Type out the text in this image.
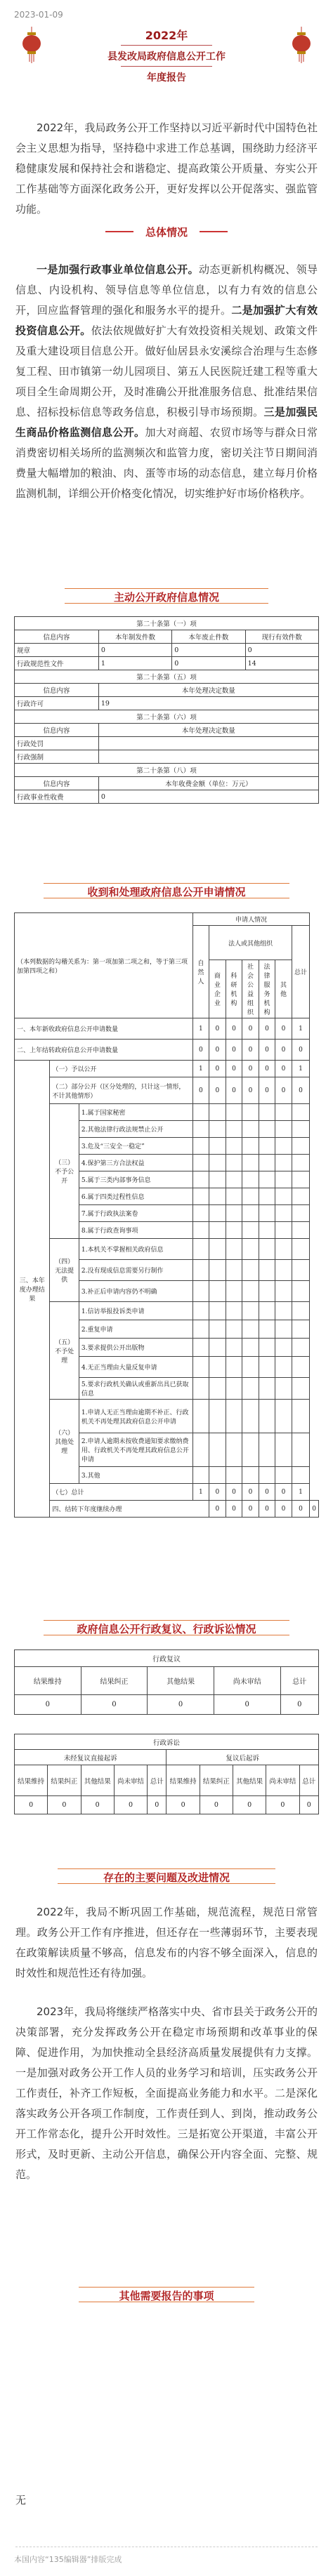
2023-01-09
2022年
县发改局政府信息公开工作
年度报告
2022年，我局政务公开工作坚持以习近平新时代中国特色社会主义思想为指导，坚持稳中求进工作总基调，围绕助力经济平稳健康发展和保持社会和谐稳定、提高政策公开质量、夯实公开工作基础等方面深化政务公开，更好发挥以公开促落实、强监管功能。
总体情况
一是加强行政事业单位信息公开。动态更新机构概况、领导信息、内设机构、领导信息等单位信息，以有力有效的信息公开，回应监督管理的强化和服务水平的提升。二是加强扩大有效投资信息公开。依法依规做好扩大有效投资相关规划、政策文件及重大建设项目信息公开。做好仙居县永安溪综合治理与生态修复工程、田市镇第一幼儿园项目、第五人民医院迁建工程等重大项目全生命周期公开，及时准确公开批准服务信息、批准结果信息、招标投标信息等政务信息，积极引导市场预期。三是加强民生商品价格监测信息公开。加大对商超、农贸市场等与群众日常消费密切相关场所的监测频次和监管力度，密切关注节日期间消费量大幅增加的粮油、肉、蛋等市场的动态信息，建立每月价格监测机制，详细公开价格变化情况，切实维护好市场价格秩序。
主动公开政府信息情况
第二十条第（一）项			
信息内容	本年制发件数	本年废止件数	现行有效件数
规章	0	0	0
行政规范性文件	1	0	14
第二十条第（五）项			
信息内容	本年处理决定数量		
行政许可	19		
第二十条第（六）项			
信息内容	本年处理决定数量		
行政处罚			
行政强制			
第二十条第（八）项			
信息内容	本年收费金额（单位：万元）		
行政事业性收费	0		
收到和处理政府信息公开申请情况
（本列数据的勾稽关系为：第一项加第二项之和，等于第三项加第四项之和）			申请人情况							
			自然人	法人或其他组织					总计	
				商业企业	科研机构	社会公益组织	法律服务机构	其他		
一、本年新收政府信息公开申请数量			1	0	0	0	0	0	1	
二、上年结转政府信息公开申请数量			0	0	0	0	0	0	0	
三、本年度办理结果	（一）予以公开		1	0	0	0	0	0	1	
	（二）部分公开（区分处理的，只计这一情形，不计其他情形）		0	0	0	0	0	0	0	
	（三）不予公开	1.属于国家秘密								
		2.其他法律行政法规禁止公开								
		3.危及“三安全一稳定”								
		4.保护第三方合法权益								
		5.属于三类内部事务信息								
		6.属于四类过程性信息								
		7.属于行政执法案卷								
		8.属于行政查询事项								
	（四）无法提供	1.本机关不掌握相关政府信息								
		2.没有现成信息需要另行制作								
		3.补正后申请内容仍不明确								
	（五）不予处理	1.信访举报投诉类申请								
		2.重复申请								
		3.要求提供公开出版物								
		4.无正当理由大量反复申请								
		5.要求行政机关确认或重新出具已获取信息								
	（六）其他处理	1.申请人无正当理由逾期不补正、行政机关不再处理其政府信息公开申请								
		2.申请人逾期未按收费通知要求缴纳费用、行政机关不再处理其政府信息公开申请								
		3.其他								
	（七）总计		1	0	0	0	0	0	1	
	四、结转下年度继续办理			0	0	0	0	0	0	0
政府信息公开行政复议、行政诉讼情况
行政复议				
结果维持	结果纠正	其他结果	尚未审结	总计
0	0	0	0	0
行政诉讼									
未经复议直接起诉					复议后起诉				
结果维持	结果纠正	其他结果	尚未审结	总计	结果维持	结果纠正	其他结果	尚未审结	总计
0	0	0	0	0	0	0	0	0	0
存在的主要问题及改进情况
2022年，我局不断巩固工作基础，规范流程，规范日常管理。政务公开工作有序推进，但还存在一些薄弱环节，主要表现在政策解读质量不够高，信息发布的内容不够全面深入，信息的时效性和规范性还有待加强。
2023年，我局将继续严格落实中央、省市县关于政务公开的决策部署，充分发挥政务公开在稳定市场预期和改革事业的保障、促进作用，为加快推动全县经济高质量发展提供有力支撑。一是加强对政务公开工作人员的业务学习和培训，压实政务公开工作责任，补齐工作短板，全面提高业务能力和水平。二是深化落实政务公开各项工作制度，工作责任到人、到岗，推动政务公开工作常态化，提升公开时效性。三是拓宽公开渠道，丰富公开形式，及时更新、主动公开信息，确保公开内容全面、完整、规范。
其他需要报告的事项
无
本国内容“135编辑器”排版完成
